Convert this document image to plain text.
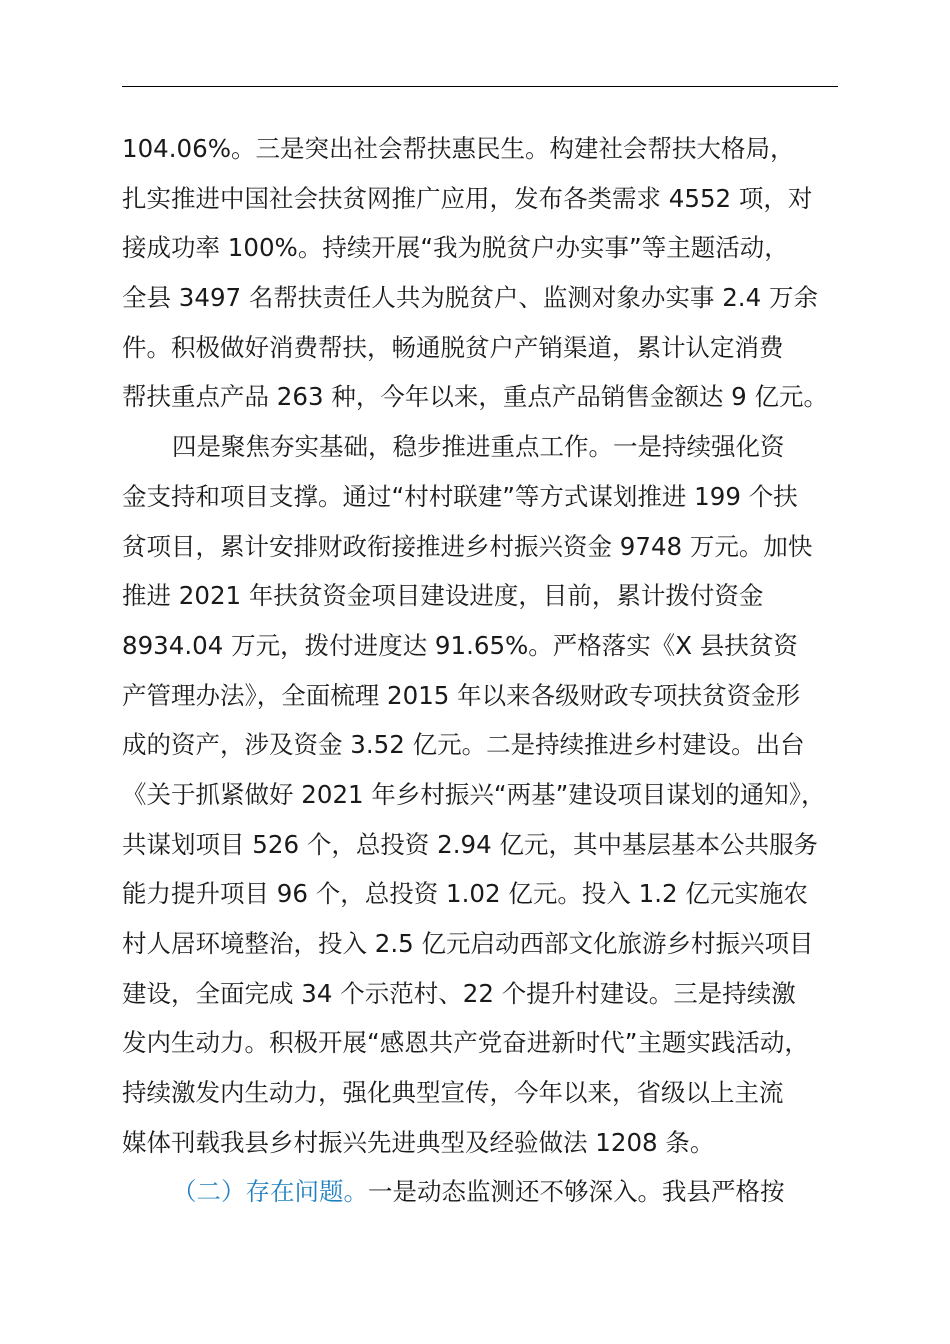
104.06%。三是突出社会帮扶惠民生。构建社会帮扶大格局，
扎实推进中国社会扶贫网推广应用，发布各类需求 4552 项，对
接成功率 100%。持续开展“我为脱贫户办实事”等主题活动，
全县 3497 名帮扶责任人共为脱贫户、监测对象办实事 2.4 万余
件。积极做好消费帮扶，畅通脱贫户产销渠道，累计认定消费
帮扶重点产品 263 种，今年以来，重点产品销售金额达 9 亿元。
四是聚焦夯实基础，稳步推进重点工作。一是持续强化资
金支持和项目支撑。通过“村村联建”等方式谋划推进 199 个扶
贫项目，累计安排财政衔接推进乡村振兴资金 9748 万元。加快
推进 2021 年扶贫资金项目建设进度，目前，累计拨付资金
8934.04 万元，拨付进度达 91.65%。严格落实《X 县扶贫资
产管理办法》，全面梳理 2015 年以来各级财政专项扶贫资金形
成的资产，涉及资金 3.52 亿元。二是持续推进乡村建设。出台
《关于抓紧做好 2021 年乡村振兴“两基”建设项目谋划的通知》，
共谋划项目 526 个，总投资 2.94 亿元，其中基层基本公共服务
能力提升项目 96 个，总投资 1.02 亿元。投入 1.2 亿元实施农
村人居环境整治，投入 2.5 亿元启动西部文化旅游乡村振兴项目
建设，全面完成 34 个示范村、22 个提升村建设。三是持续激
发内生动力。积极开展“感恩共产党奋进新时代”主题实践活动，
持续激发内生动力，强化典型宣传，今年以来，省级以上主流
媒体刊载我县乡村振兴先进典型及经验做法 1208 条。
（二）存在问题。一是动态监测还不够深入。我县严格按
